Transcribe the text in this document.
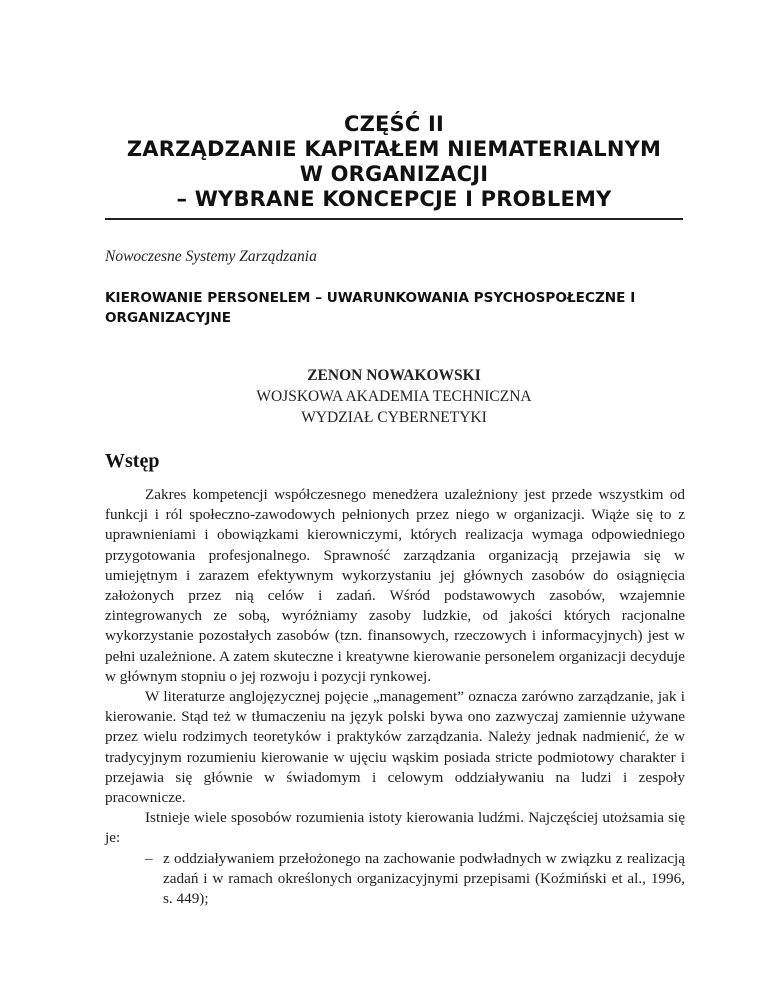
CZĘŚĆ II
ZARZĄDZANIE KAPITAŁEM NIEMATERIALNYM
W ORGANIZACJI
– WYBRANE KONCEPCJE I PROBLEMY
Nowoczesne Systemy Zarządzania
KIEROWANIE PERSONELEM – UWARUNKOWANIA PSYCHOSPOŁECZNE I ORGANIZACYJNE
ZENON NOWAKOWSKI
WOJSKOWA AKADEMIA TECHNICZNA
WYDZIAŁ CYBERNETYKI
Wstęp

Zakres kompetencji współczesnego menedżera uzależniony jest przede wszystkim od funkcji i ról społeczno-zawodowych pełnionych przez niego w organizacji. Wiąże się to z uprawnieniami i obowiązkami kierowniczymi, których realizacja wymaga odpowiedniego przygotowania profesjonalnego. Sprawność zarządzania organizacją przejawia się w umiejętnym i zarazem efektywnym wykorzystaniu jej głównych zasobów do osiągnięcia założonych przez nią celów i zadań. Wśród podstawowych zasobów, wzajemnie zintegrowanych ze sobą, wyróżniamy zasoby ludzkie, od jakości których racjonalne wykorzystanie pozostałych zasobów (tzn. finansowych, rzeczowych i informacyjnych) jest w pełni uzależnione. A zatem skuteczne i kreatywne kierowanie personelem organizacji decyduje w głównym stopniu o jej rozwoju i pozycji rynkowej.

W literaturze anglojęzycznej pojęcie „management” oznacza zarówno zarządzanie, jak i kierowanie. Stąd też w tłumaczeniu na język polski bywa ono zazwyczaj zamiennie używane przez wielu rodzimych teoretyków i praktyków zarządzania. Należy jednak nadmienić, że w tradycyjnym rozumieniu kierowanie w ujęciu wąskim posiada stricte podmiotowy charakter i przejawia się głównie w świadomym i celowym oddziaływaniu na ludzi i zespoły pracownicze.

Istnieje wiele sposobów rozumienia istoty kierowania ludźmi. Najczęściej utożsamia się je:

– z oddziaływaniem przełożonego na zachowanie podwładnych w związku z realizacją zadań i w ramach określonych organizacyjnymi przepisami (Koźmiński et al., 1996, s. 449);
